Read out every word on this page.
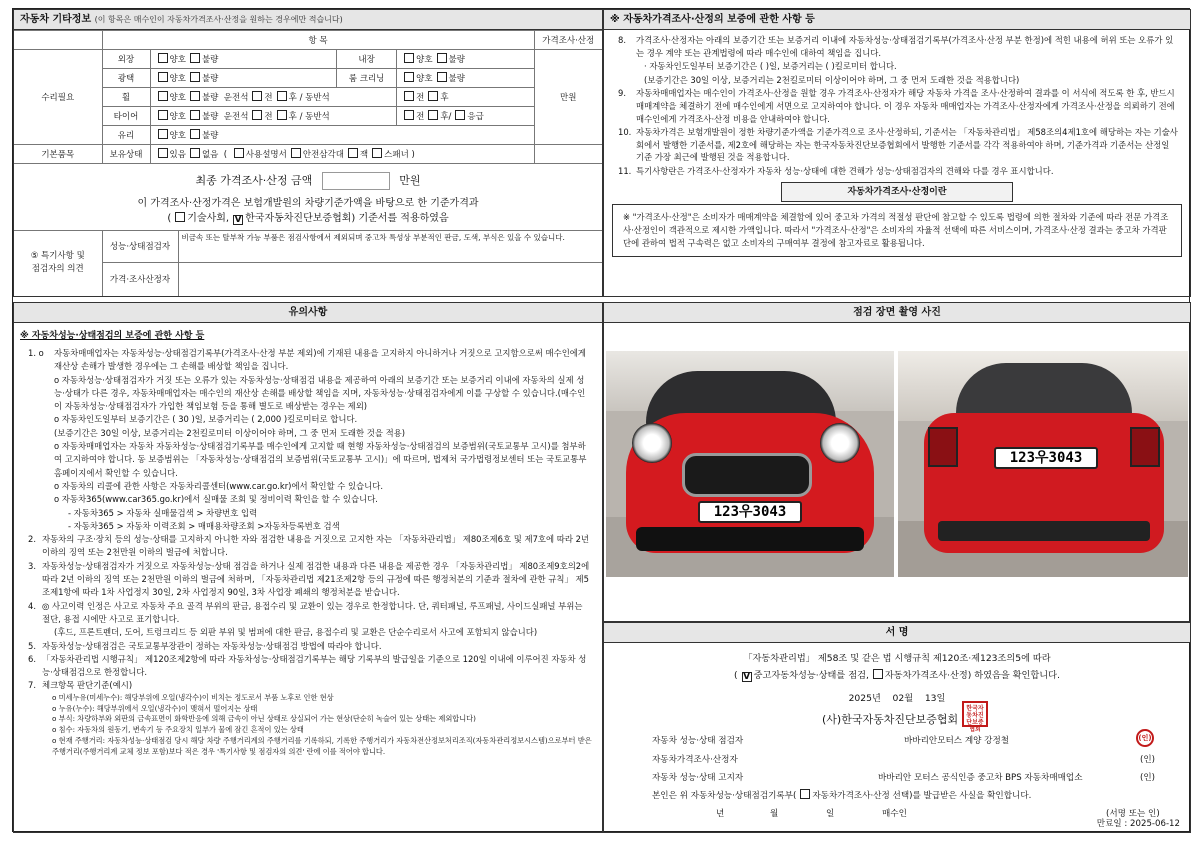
자동차 기타정보 (이 항목은 매수인이 자동차가격조사·산정을 원하는 경우에만 적습니다)
	항 목				가격조사·산정
수리필요	외장	양호 불량	내장	양호 불량	만원
	광택	양호 불량	룸 크리닝	양호 불량	
	휠	양호 불량 운전석 전 후 / 동반석		전 후	
	타이어	양호 불량 운전석 전 후 / 동반석		전 후/ 응급	
	유리	양호 불량			
기본품목	보유상태	있음 없음  ( 사용설명서 안전삼각대 잭 스패너 )			
최종 가격조사·산정 금액	만원
이 가격조사·산정가격은 보험개발원의 차량기준가액을 바탕으로 한 기준가격과
( 기술사회, V 한국자동차진단보증협회) 기준서를 적용하였음
⑤ 특기사항 및
점검자의 의견	성능·상태점검자	비금속 또는 탈부착 가능 부품은 점검사항에서 제외되며 중고차 특성상 부분적인 판금, 도색, 부식은 있을 수 있습니다.
	가격·조사산정자	
※ 자동차가격조사·산정의 보증에 관한 사항 등
8. 가격조사·산정자는 아래의 보증기간 또는 보증거리 이내에 자동차성능·상태점검기록부(가격조사·산정 부분 한정)에 적힌 내용에 허위 또는 오류가 있는 경우 계약 또는 관계법령에 따라 매수인에 대하여 책임을 집니다.
· 자동차인도일부터 보증기간은 ( )일, 보증거리는 ( )킬로미터 합니다.
(보증기간은 30일 이상, 보증거리는 2천킬로미터 이상이어야 하며, 그 중 먼저 도래한 것을 적용합니다)
9. 자동차매매업자는 매수인이 가격조사·산정을 원할 경우 가격조사·산정자가 해당 자동차 가격을 조사·산정하여 결과를 이 서식에 적도록 한 후, 반드시 매매계약을 체결하기 전에 매수인에게 서면으로 고지하여야 합니다. 이 경우 자동차 매매업자는 가격조사·산정자에게 가격조사·산정을 의뢰하기 전에 매수인에게 가격조사·산정 비용을 안내하여야 합니다.
10. 자동차가격은 보험개발원이 정한 차량기준가액을 기준가격으로 조사·산정하되, 기준서는 「자동차관리법」 제58조의4제1호에 해당하는 자는 기술사회에서 발행한 기준서를, 제2호에 해당하는 자는 한국자동차진단보증협회에서 발행한 기준서를 각각 적용하여야 하며, 기준가격과 기준서는 산정일 기준 가장 최근에 발행된 것을 적용합니다.
11. 특기사항란은 가격조사·산정자가 자동차 성능·상태에 대한 견해가 성능·상태점검자의 견해와 다를 경우 표시합니다.
자동차가격조사·산정이란
※ "가격조사·산정"은 소비자가 매매계약을 체결함에 있어 중고차 가격의 적절성 판단에 참고할 수 있도록 법령에 의한 절차와 기준에 따라 전문 가격조사·산정인이 객관적으로 제시한 가액입니다. 따라서 "가격조사·산정"은 소비자의 자율적 선택에 따른 서비스이며, 가격조사·산정 결과는 중고차 가격판단에 관하여 법적 구속력은 없고 소비자의 구매여부 결정에 참고자료로 활용됩니다.
유의사항
※ 자동차성능·상태점검의 보증에 관한 사항 등
1. o 자동차매매업자는 자동차성능·상태점검기록부(가격조사·산정 부분 제외)에 기재된 내용을 고지하지 아니하거나 거짓으로 고지함으로써 매수인에게 재산상 손해가 발생한 경우에는 그 손해를 배상할 책임을 집니다.
o 자동차성능·상태점검자가 거짓 또는 오류가 있는 자동차성능·상태점검 내용을 제공하여 아래의 보증기간 또는 보증거리 이내에 자동차의 실제 성능·상태가 다른 경우, 자동차매매업자는 매수인의 재산상 손해를 배상할 책임을 지며, 자동차성능·상태점검자에게 이를 구상할 수 있습니다.(매수인이 자동차성능·상태점검자가 가입한 책임보험 등을 통해 별도로 배상받는 경우는 제외)
o 자동차인도일부터 보증기간은 ( 30 )일, 보증거리는 ( 2,000 )킬로미터로 합니다.
(보증기간은 30일 이상, 보증거리는 2천킬로미터 이상이어야 하며, 그 중 먼저 도래한 것을 적용)
o 자동차매매업자는 자동차 자동차성능·상태점검기록부를 매수인에게 고지할 때 현행 자동차성능·상태점검의 보증범위(국토교통부 고시)를 첨부하여 고지하여야 합니다. 동 보증범위는 「자동차성능·상태점검의 보증범위(국토교통부 고시)」에 따르며, 법제처 국가법령정보센터 또는 국토교통부 홈페이지에서 확인할 수 있습니다.
o 자동차의 리콜에 관한 사항은 자동차리콜센터(www.car.go.kr)에서 확인할 수 있습니다.
o 자동차365(www.car365.go.kr)에서 실매물 조회 및 정비이력 확인을 할 수 있습니다.
- 자동차365 > 자동차 실매물검색 > 차량번호 입력
- 자동차365 > 자동차 이력조회 > 매매용차량조회 >자동차등록번호 검색
2. 자동차의 구조·장치 등의 성능·상태를 고지하지 아니한 자와 점검한 내용을 거짓으로 고지한 자는 「자동차관리법」 제80조제6호 및 제7호에 따라 2년 이하의 징역 또는 2천만원 이하의 벌금에 처합니다.
3. 자동차성능·상태점검자가 거짓으로 자동차성능·상태 점검을 하거나 실제 점검한 내용과 다른 내용을 제공한 경우 「자동차관리법」 제80조제9호의2에 따라 2년 이하의 징역 또는 2천만원 이하의 벌금에 처하며, 「자동차관리법 제21조제2항 등의 규정에 따른 행정처분의 기준과 절차에 관한 규칙」 제5조제1항에 따라 1차 사업정지 30일, 2차 사업정지 90일, 3차 사업장 폐쇄의 행정처분을 받습니다.
4. ◎ 사고이력 인정은 사고로 자동차 주요 골격 부위의 판금, 용접수리 및 교환이 있는 경우로 한정합니다. 단, 쿼터패널, 루프패널, 사이드실패널 부위는 절단, 용접 시에만 사고로 표기합니다.
(후드, 프론트펜더, 도어, 트렁크리드 등 외판 부위 및 범퍼에 대한 판금, 용접수리 및 교환은 단순수리로서 사고에 포함되지 않습니다)
5. 자동차성능·상태점검은 국토교통부장관이 정하는 자동차성능·상태점검 방법에 따라야 합니다.
6. 「자동차관리법 시행규칙」 제120조제2항에 따라 자동차성능·상태점검기록부는 해당 기록부의 발급일을 기준으로 120일 이내에 이루어진 자동차 성능·상태점검으로 한정합니다.
7. 체크항목 판단기준(예시)
o 미세누유(미세누수): 해당부위에 오일(냉각수)이 비치는 정도로서 부품 노후로 인한 현상
o 누유(누수): 해당부위에서 오일(냉각수)이 맺혀서 떨어지는 상태
o 부식: 차량하부와 외판의 금속표면이 화학반응에 의해 금속이 아닌 상태로 상실되어 가는 현상(단순히 녹슬어 있는 상태는 제외합니다)
o 침수: 자동차의 원동기, 변속기 등 주요장치 일부가 물에 잠긴 흔적이 있는 상태
o 현재 주행거리: 자동차성능·상태점검 당시 해당 차량 주행거리계의 주행거리를 기록하되, 기록한 주행거리가 자동차전산정보처리조직(자동차관리정보시스템)으로부터 받은 주행거리(주행거리계 교체 정보 포함)보다 적은 경우 '특기사항 및 점검자의 의견' 란에 이를 적어야 합니다.
점검 장면 촬영 사진
123우3043
123우3043
서 명
「자동차관리법」 제58조 및 같은 법 시행규칙 제120조·제123조의5에 따라
( V 중고자동차성능·상태를 점검, 자동차가격조사·산정) 하였음을 확인합니다.
2025년 02월 13일
(사)한국자동차진단보증협회
한국자동차진단보증협회
자동차 성능·상태 점검자	바바리안모터스 계양 강정철	(인)
자동차가격조사·산정자	(인)
자동차 성능·상태 고지자	바바리안 모터스 공식인증 중고차 BPS 자동차매매업소	(인)
본인은 위 자동차성능·상태점검기록부( 자동차가격조사·산정 선택)를 발급받은 사실을 확인합니다.
년	월	일	매수인	(서명 또는 인)
만료일 : 2025-06-12
